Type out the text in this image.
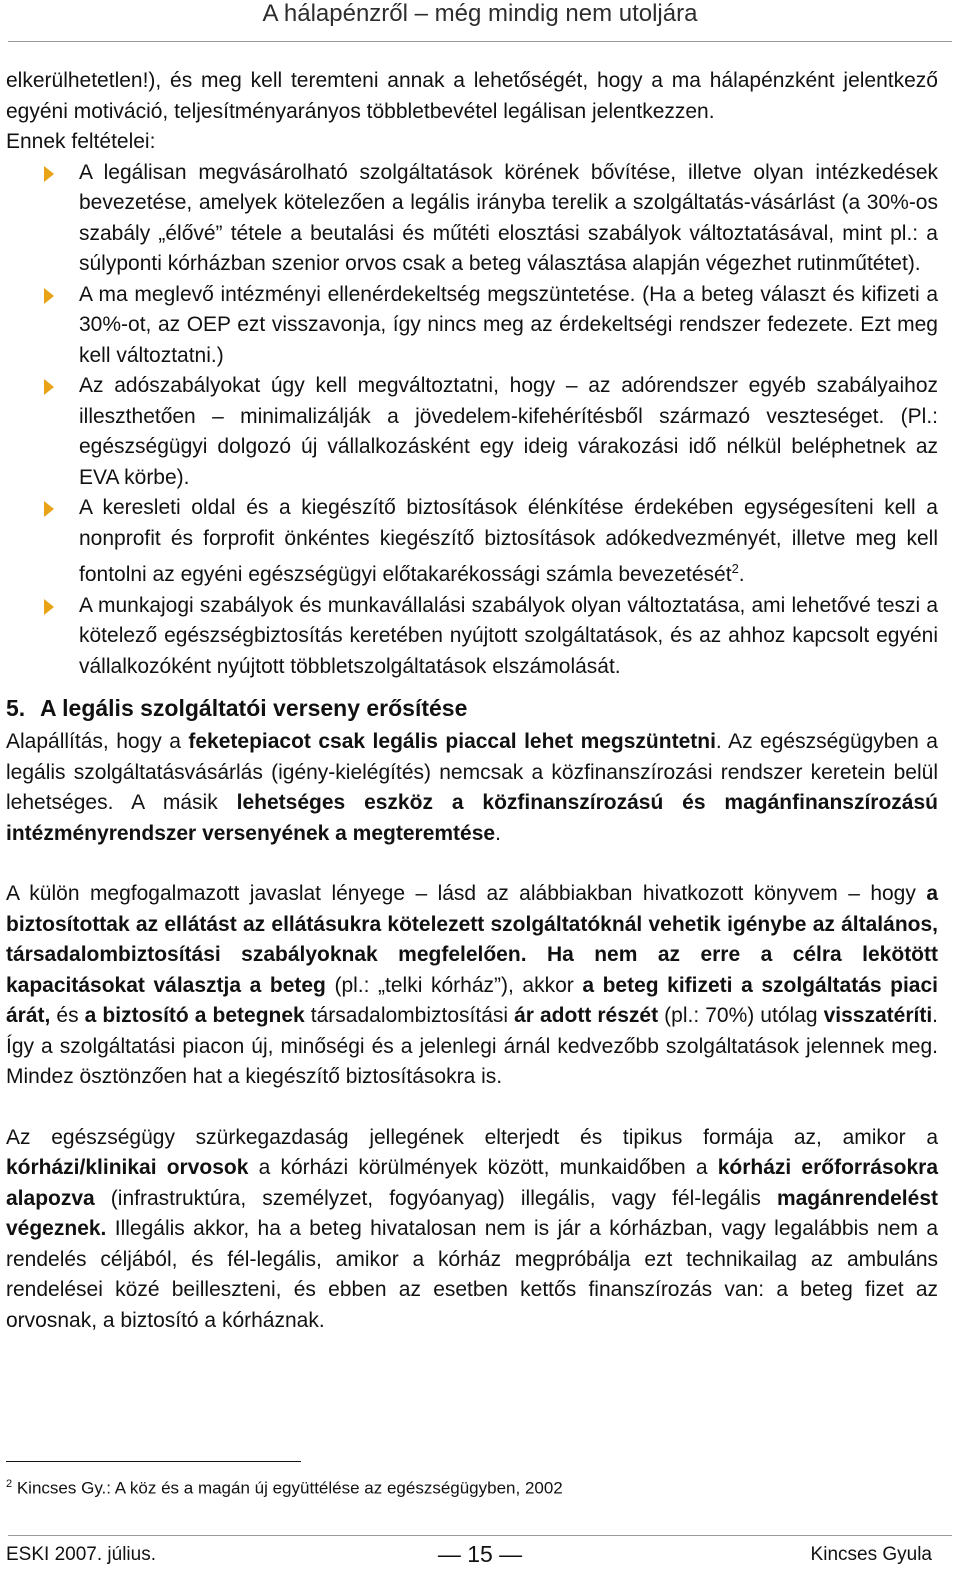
A hálapénzről – még mindig nem utoljára

elkerülhetetlen!), és meg kell teremteni annak a lehetőségét, hogy a ma hálapénzként jelentkező egyéni motiváció, teljesítményarányos többletbevétel legálisan jelentkezzen.

Ennek feltételei:

A legálisan megvásárolható szolgáltatások körének bővítése, illetve olyan intézkedések bevezetése, amelyek kötelezően a legális irányba terelik a szolgáltatás-vásárlást (a 30%-os szabály „élővé” tétele a beutalási és műtéti elosztási szabályok változtatásával, mint pl.: a súlyponti kórházban szenior orvos csak a beteg választása alapján végezhet rutinműtétet).
A ma meglevő intézményi ellenérdekeltség megszüntetése. (Ha a beteg választ és kifizeti a 30%-ot, az OEP ezt visszavonja, így nincs meg az érdekeltségi rendszer fedezete. Ezt meg kell változtatni.)
Az adószabályokat úgy kell megváltoztatni, hogy – az adórendszer egyéb szabályaihoz illeszthetően – minimalizálják a jövedelem-kifehérítésből származó veszteséget. (Pl.: egészségügyi dolgozó új vállalkozásként egy ideig várakozási idő nélkül beléphetnek az EVA körbe).
A keresleti oldal és a kiegészítő biztosítások élénkítése érdekében egységesíteni kell a nonprofit és forprofit önkéntes kiegészítő biztosítások adókedvezményét, illetve meg kell fontolni az egyéni egészségügyi előtakarékossági számla bevezetését$^2$.
A munkajogi szabályok és munkavállalási szabályok olyan változtatása, ami lehetővé teszi a kötelező egészségbiztosítás keretében nyújtott szolgáltatások, és az ahhoz kapcsolt egyéni vállalkozóként nyújtott többletszolgáltatások elszámolását.
5. A legális szolgáltatói verseny erősítése

Alapállítás, hogy a feketepiacot csak legális piaccal lehet megszüntetni. Az egészségügyben a legális szolgáltatásvásárlás (igény-kielégítés) nemcsak a közfinanszírozási rendszer keretein belül lehetséges. A másik lehetséges eszköz a közfinanszírozású és magánfinanszírozású intézményrendszer versenyének a megteremtése.

A külön megfogalmazott javaslat lényege – lásd az alábbiakban hivatkozott könyvem – hogy a biztosítottak az ellátást az ellátásukra kötelezett szolgáltatóknál vehetik igénybe az általános, társadalombiztosítási szabályoknak megfelelően. Ha nem az erre a célra lekötött kapacitásokat választja a beteg (pl.: „telki kórház”), akkor a beteg kifizeti a szolgáltatás piaci árát, és a biztosító a betegnek társadalombiztosítási ár adott részét (pl.: 70%) utólag visszatéríti. Így a szolgáltatási piacon új, minőségi és a jelenlegi árnál kedvezőbb szolgáltatások jelennek meg. Mindez ösztönzően hat a kiegészítő biztosításokra is.

Az egészségügy szürkegazdaság jellegének elterjedt és tipikus formája az, amikor a kórházi/klinikai orvosok a kórházi körülmények között, munkaidőben a kórházi erőforrásokra alapozva (infrastruktúra, személyzet, fogyóanyag) illegális, vagy fél-legális magánrendelést végeznek. Illegális akkor, ha a beteg hivatalosan nem is jár a kórházban, vagy legalábbis nem a rendelés céljából, és fél-legális, amikor a kórház megpróbálja ezt technikailag az ambuláns rendelései közé beilleszteni, és ebben az esetben kettős finanszírozás van: a beteg fizet az orvosnak, a biztosító a kórháznak.

$^2$ Kincses Gy.: A köz és a magán új együttélése az egészségügyben, 2002
ESKI 2007. július.	— 15 —	Kincses Gyula
